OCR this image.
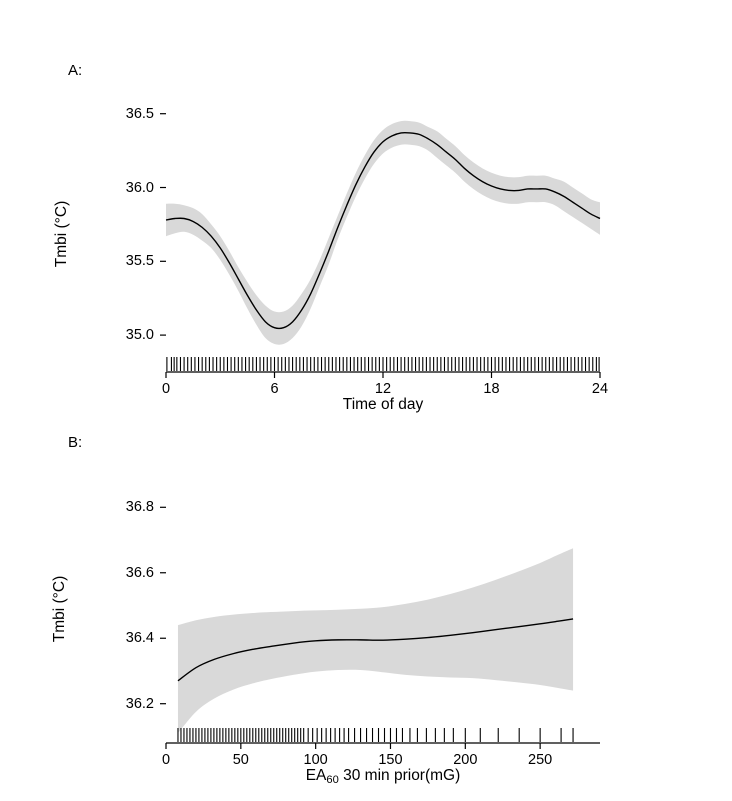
A:
Tmbi (°C)
0	6	12	18	24
35.0
35.5
36.0
36.5
Time of day
B:
Tmbi (°C)
0	50	100	150	200	250
36.2
36.4
36.6
36.8
$EA_{60}$ 30 min prior(mG)
